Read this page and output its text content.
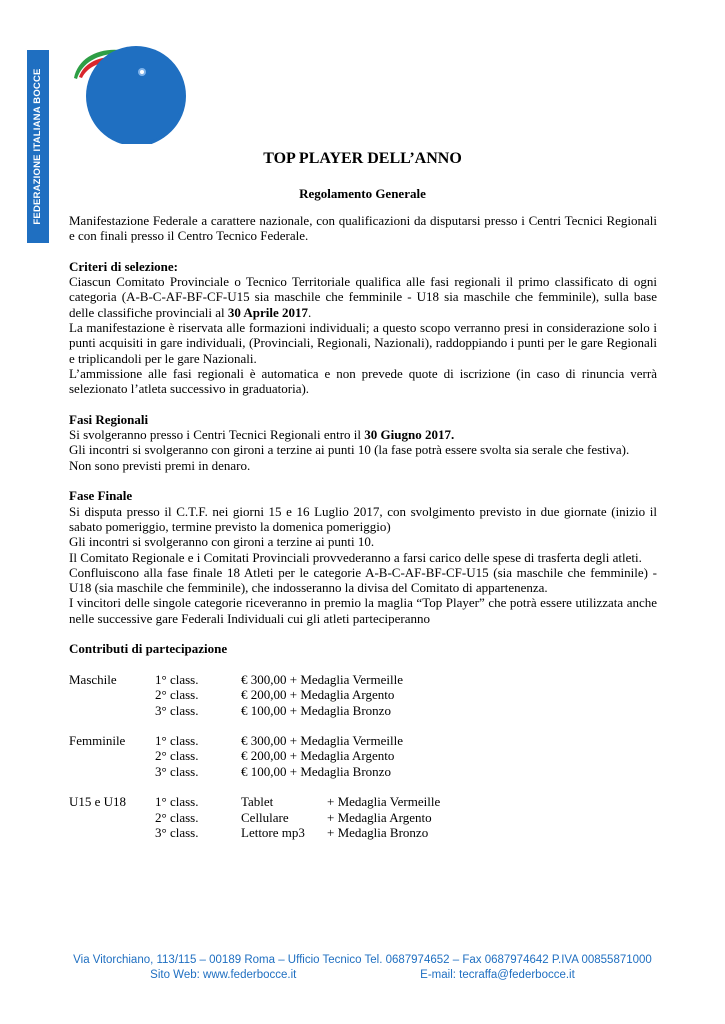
FEDERAZIONE ITALIANA BOCCE	TOP PLAYER DELL’ANNO
Regolamento Generale

Manifestazione Federale a carattere nazionale, con qualificazioni da disputarsi presso i Centri Tecnici Regionali e con finali presso il Centro Tecnico Federale.

Criteri di selezione:

Ciascun Comitato Provinciale o Tecnico Territoriale qualifica alle fasi regionali il primo classificato di ogni categoria (A-B-C-AF-BF-CF-U15 sia maschile che femminile - U18 sia maschile che femminile), sulla base delle classifiche provinciali al 30 Aprile 2017.

La manifestazione è riservata alle formazioni individuali; a questo scopo verranno presi in considerazione solo i punti acquisiti in gare individuali, (Provinciali, Regionali, Nazionali), raddoppiando i punti per le gare Regionali e triplicandoli per le gare Nazionali.

L’ammissione alle fasi regionali è automatica e non prevede quote di iscrizione (in caso di rinuncia verrà selezionato l’atleta successivo in graduatoria).

Fasi Regionali

Si svolgeranno presso i Centri Tecnici Regionali entro il 30 Giugno 2017.

Gli incontri si svolgeranno con gironi a terzine ai punti 10 (la fase potrà essere svolta sia serale che festiva).

Non sono previsti premi in denaro.

Fase Finale

Si disputa presso il C.T.F. nei giorni 15 e 16 Luglio 2017, con svolgimento previsto in due giornate (inizio il sabato pomeriggio, termine previsto la domenica pomeriggio)

Gli incontri si svolgeranno con gironi a terzine ai punti 10.

Il Comitato Regionale e i Comitati Provinciali provvederanno a farsi carico delle spese di trasferta degli atleti.

Confluiscono alla fase finale 18 Atleti per le categorie A-B-C-AF-BF-CF-U15 (sia maschile che femminile) - U18 (sia maschile che femminile), che indosseranno la divisa del Comitato di appartenenza.

I vincitori delle singole categorie riceveranno in premio la maglia “Top Player” che potrà essere utilizzata anche nelle successive gare Federali Individuali cui gli atleti parteciperanno

Contributi di partecipazione

Maschile	1° class.	€ 300,00 + Medaglia Vermeille
	2° class.	€ 200,00 + Medaglia Argento
	3° class.	€ 100,00 + Medaglia Bronzo
Femminile	1° class.	€ 300,00 + Medaglia Vermeille
	2° class.	€ 200,00 + Medaglia Argento
	3° class.	€ 100,00 + Medaglia Bronzo
U15 e U18	1° class.	Tablet	+ Medaglia Vermeille
	2° class.	Cellulare	+ Medaglia Argento
	3° class.	Lettore mp3	+ Medaglia Bronzo
Via Vitorchiano, 113/115 – 00189 Roma – Ufficio Tecnico Tel. 0687974652 – Fax 0687974642 P.IVA 00855871000
Sito Web: www.federbocce.it	E-mail: tecraffa@federbocce.it
